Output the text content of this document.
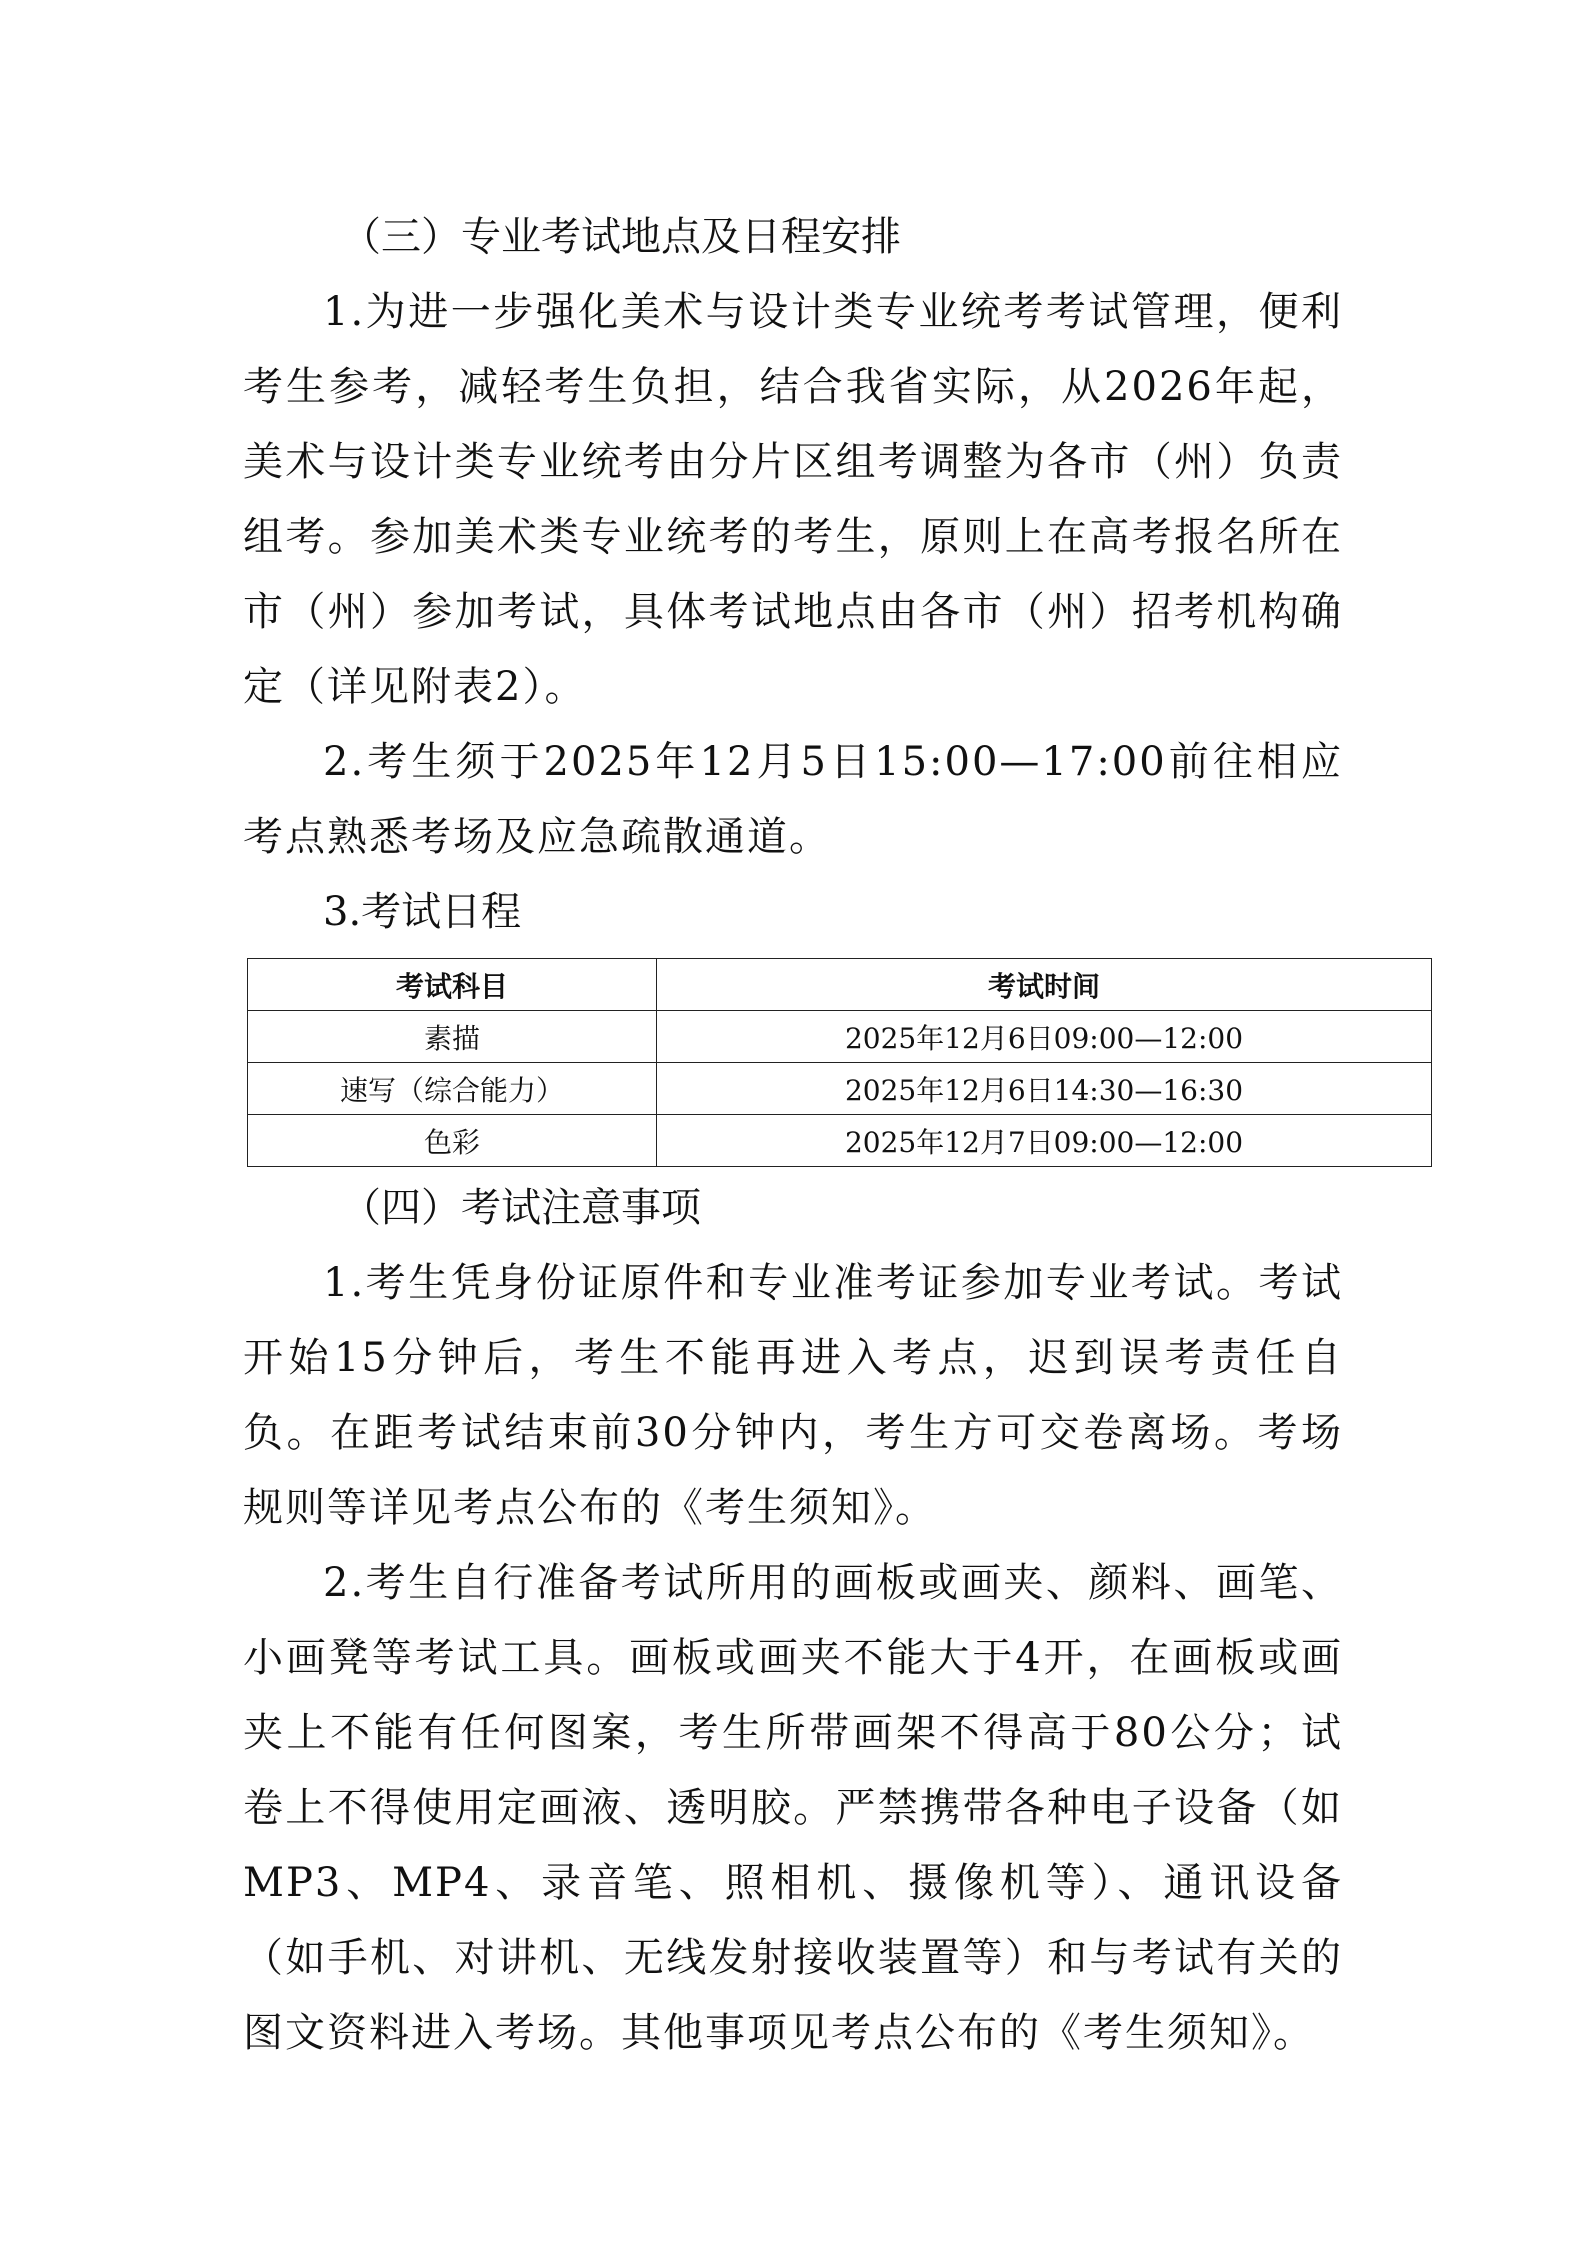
（三）专业考试地点及日程安排

1.为进一步强化美术与设计类专业统考考试管理，便利考生参考，减轻考生负担，结合我省实际，从2026年起，美术与设计类专业统考由分片区组考调整为各市（州）负责组考。参加美术类专业统考的考生，原则上在高考报名所在市（州）参加考试，具体考试地点由各市（州）招考机构确定（详见附表2）。

2.考生须于2025年12月5日15:00—17:00前往相应考点熟悉考场及应急疏散通道。

3.考试日程

考试科目	考试时间
素描	2025年12月6日09:00—12:00
速写（综合能力）	2025年12月6日14:30—16:30
色彩	2025年12月7日09:00—12:00

（四）考试注意事项

1.考生凭身份证原件和专业准考证参加专业考试。考试开始15分钟后，考生不能再进入考点，迟到误考责任自负。在距考试结束前30分钟内，考生方可交卷离场。考场规则等详见考点公布的《考生须知》。

2.考生自行准备考试所用的画板或画夹、颜料、画笔、小画凳等考试工具。画板或画夹不能大于4开，在画板或画夹上不能有任何图案，考生所带画架不得高于80公分；试卷上不得使用定画液、透明胶。严禁携带各种电子设备（如MP3、MP4、录音笔、照相机、摄像机等）、通讯设备（如手机、对讲机、无线发射接收装置等）和与考试有关的图文资料进入考场。其他事项见考点公布的《考生须知》。
